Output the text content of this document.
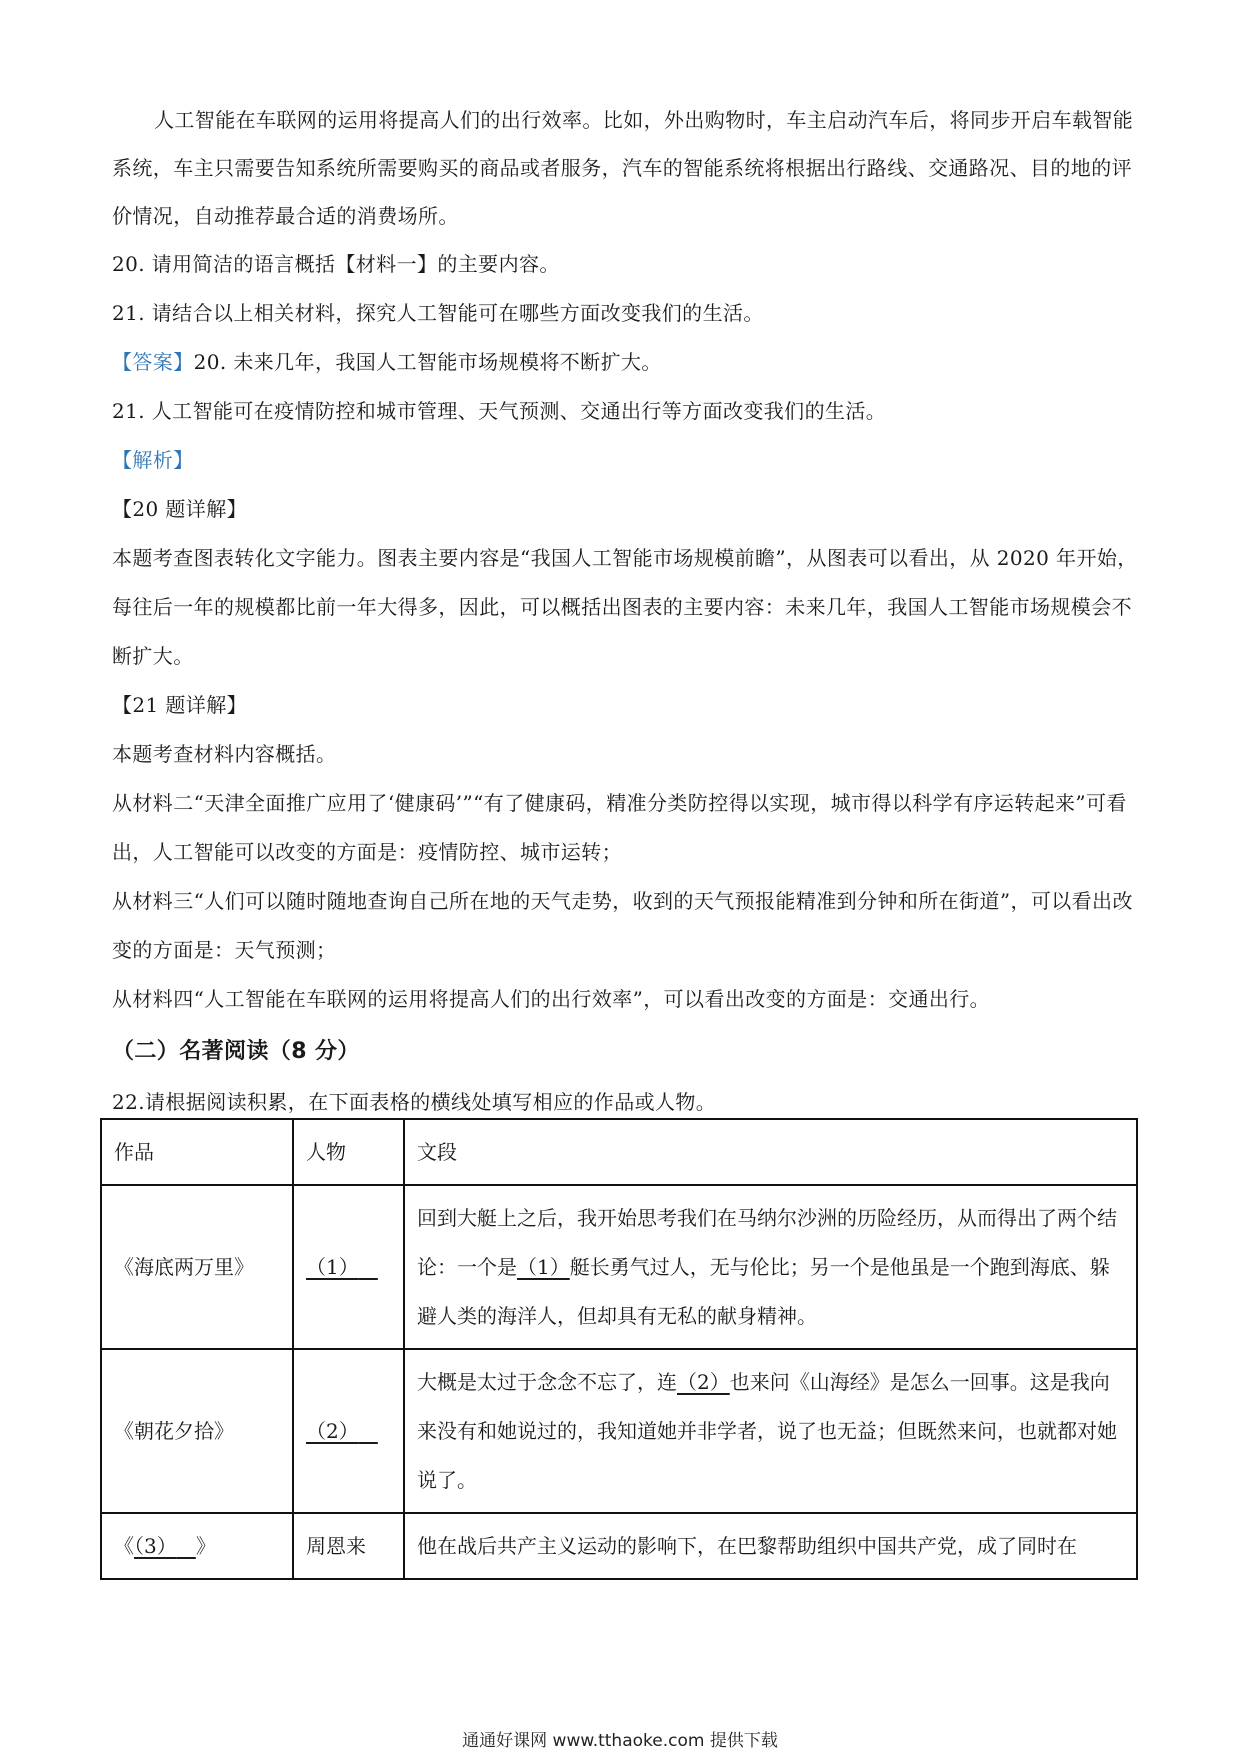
人工智能在车联网的运用将提高人们的出行效率。比如，外出购物时，车主启动汽车后，将同步开启车载智能系统，车主只需要告知系统所需要购买的商品或者服务，汽车的智能系统将根据出行路线、交通路况、目的地的评价情况，自动推荐最合适的消费场所。

20. 请用简洁的语言概括【材料一】的主要内容。

21. 请结合以上相关材料，探究人工智能可在哪些方面改变我们的生活。

【答案】20. 未来几年，我国人工智能市场规模将不断扩大。

21. 人工智能可在疫情防控和城市管理、天气预测、交通出行等方面改变我们的生活。

【解析】

【20 题详解】

本题考查图表转化文字能力。图表主要内容是“我国人工智能市场规模前瞻”，从图表可以看出，从 2020 年开始，每往后一年的规模都比前一年大得多，因此，可以概括出图表的主要内容：未来几年，我国人工智能市场规模会不断扩大。

【21 题详解】

本题考查材料内容概括。

从材料二“天津全面推广应用了‘健康码’”“有了健康码，精准分类防控得以实现，城市得以科学有序运转起来”可看出，人工智能可以改变的方面是：疫情防控、城市运转；

从材料三“人们可以随时随地查询自己所在地的天气走势，收到的天气预报能精准到分钟和所在街道”，可以看出改变的方面是：天气预测；

从材料四“人工智能在车联网的运用将提高人们的出行效率”，可以看出改变的方面是：交通出行。

（二）名著阅读（8 分）

22.请根据阅读积累，在下面表格的横线处填写相应的作品或人物。

作品	人物	文段
《海底两万里》	（1）	回到大艇上之后，我开始思考我们在马纳尔沙洲的历险经历，从而得出了两个结论：一个是（1）艇长勇气过人，无与伦比；另一个是他虽是一个跑到海底、躲避人类的海洋人，但却具有无私的献身精神。
《朝花夕拾》	（2）	大概是太过于念念不忘了，连（2）也来问《山海经》是怎么一回事。这是我向来没有和她说过的，我知道她并非学者，说了也无益；但既然来问，也就都对她说了。
《（3） 》	周恩来	他在战后共产主义运动的影响下，在巴黎帮助组织中国共产党，成了同时在
通通好课网 www.tthaoke.com 提供下载
